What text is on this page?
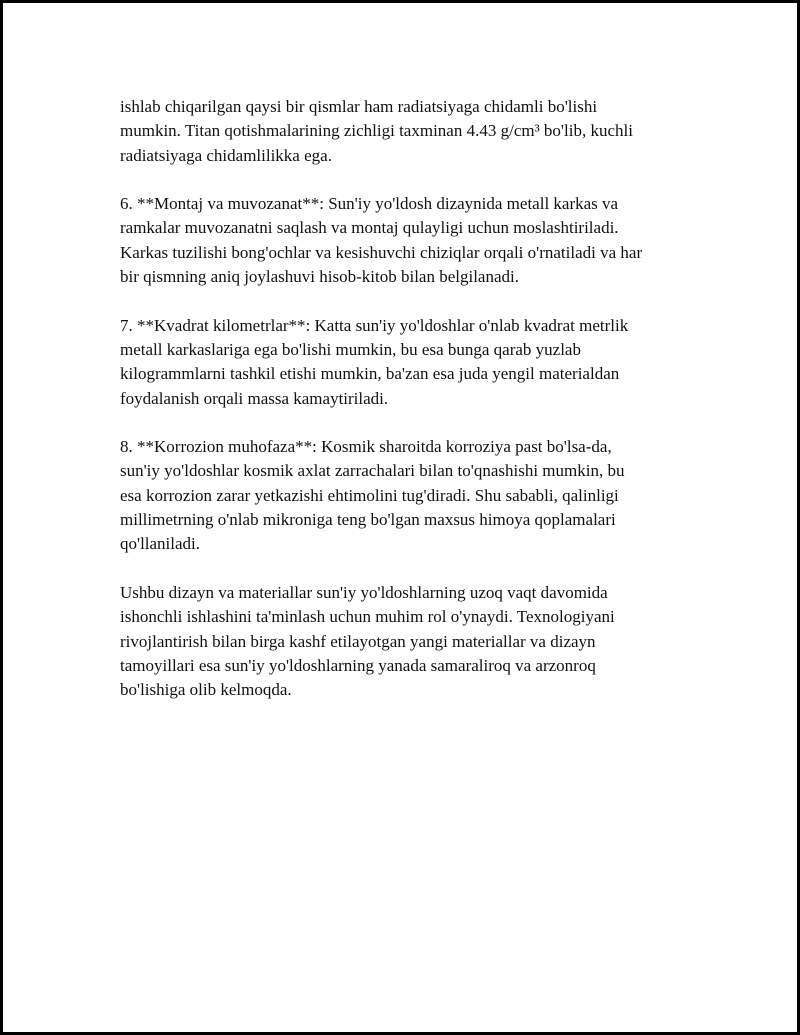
ishlab chiqarilgan qaysi bir qismlar ham radiatsiyaga chidamli bo'lishi
mumkin. Titan qotishmalarining zichligi taxminan 4.43 g/cm³ bo'lib, kuchli
radiatsiyaga chidamlilikka ega.

6. **Montaj va muvozanat**: Sun'iy yo'ldosh dizaynida metall karkas va
ramkalar muvozanatni saqlash va montaj qulayligi uchun moslashtiriladi.
Karkas tuzilishi bong'ochlar va kesishuvchi chiziqlar orqali o'rnatiladi va har
bir qismning aniq joylashuvi hisob-kitob bilan belgilanadi.

7. **Kvadrat kilometrlar**: Katta sun'iy yo'ldoshlar o'nlab kvadrat metrlik
metall karkaslariga ega bo'lishi mumkin, bu esa bunga qarab yuzlab
kilogrammlarni tashkil etishi mumkin, ba'zan esa juda yengil materialdan
foydalanish orqali massa kamaytiriladi.

8. **Korrozion muhofaza**: Kosmik sharoitda korroziya past bo'lsa-da,
sun'iy yo'ldoshlar kosmik axlat zarrachalari bilan to'qnashishi mumkin, bu
esa korrozion zarar yetkazishi ehtimolini tug'diradi. Shu sababli, qalinligi
millimetrning o'nlab mikroniga teng bo'lgan maxsus himoya qoplamalari
qo'llaniladi.

Ushbu dizayn va materiallar sun'iy yo'ldoshlarning uzoq vaqt davomida
ishonchli ishlashini ta'minlash uchun muhim rol o'ynaydi. Texnologiyani
rivojlantirish bilan birga kashf etilayotgan yangi materiallar va dizayn
tamoyillari esa sun'iy yo'ldoshlarning yanada samaraliroq va arzonroq
bo'lishiga olib kelmoqda.
